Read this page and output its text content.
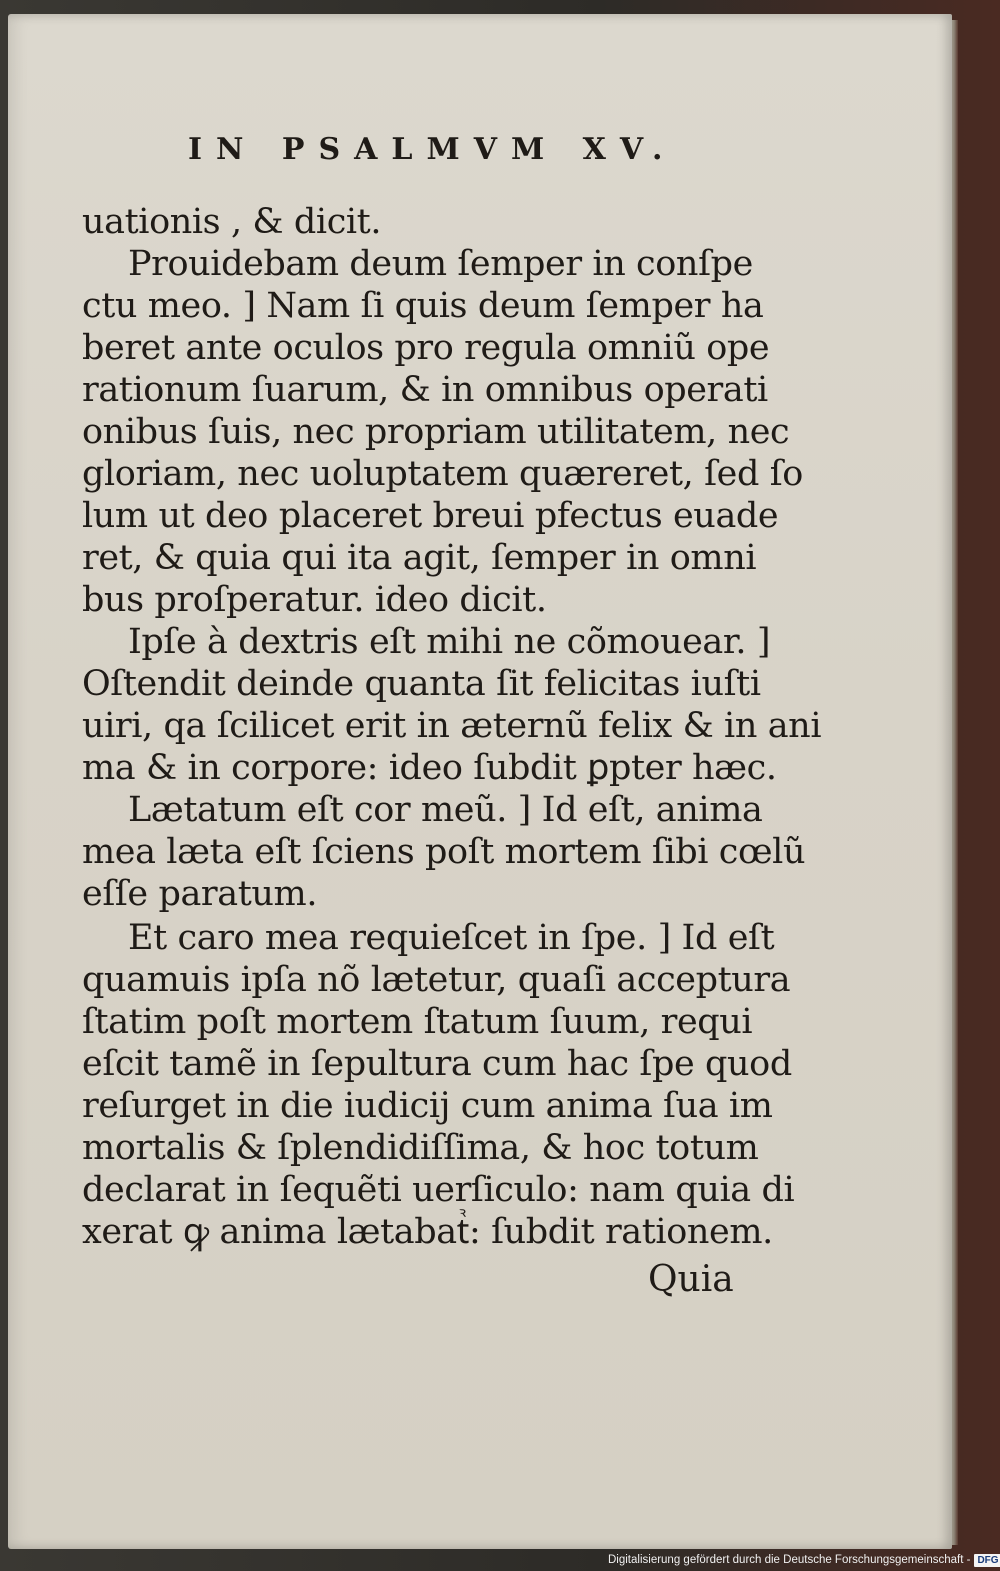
IN PSALMVM XV.
uationis , & dicit.
Prouidebam deum ſemper in conſpe
ctu meo. ] Nam ſi quis deum ſemper ha
beret ante oculos pro regula omniũ ope
rationum ſuarum, & in omnibus operati
onibus ſuis, nec propriam utilitatem, nec
gloriam, nec uoluptatem quæreret, ſed ſo
lum ut deo placeret breui pfectus euade
ret, & quia qui ita agit, ſemper in omni
bus proſperatur. ideo dicit.
Ipſe à dextris eſt mihi ne cõmouear. ]
Oſtendit deinde quanta ſit felicitas iuſti
uiri, qa ſcilicet erit in æternũ felix & in ani
ma & in corpore: ideo ſubdit ꝑpter hæc.
Lætatum eſt cor meũ. ] Id eſt, anima
mea læta eſt ſciens poſt mortem ſibi cœlũ
eſſe paratum.
Et caro mea requieſcet in ſpe. ] Id eſt
quamuis ipſa nõ lætetur, quaſi acceptura
ſtatim poſt mortem ſtatum ſuum, requi
eſcit tamẽ in ſepultura cum hac ſpe quod
reſurget in die iudicij cum anima ſua im
mortalis & ſplendidiſſima, & hoc totum
declarat in ſequẽti uerſiculo: nam quia di
xerat ꝙ anima lætabatᷣ: ſubdit rationem.
Quia
Digitalisierung gefördert durch die Deutsche Forschungsgemeinschaft - DFG
